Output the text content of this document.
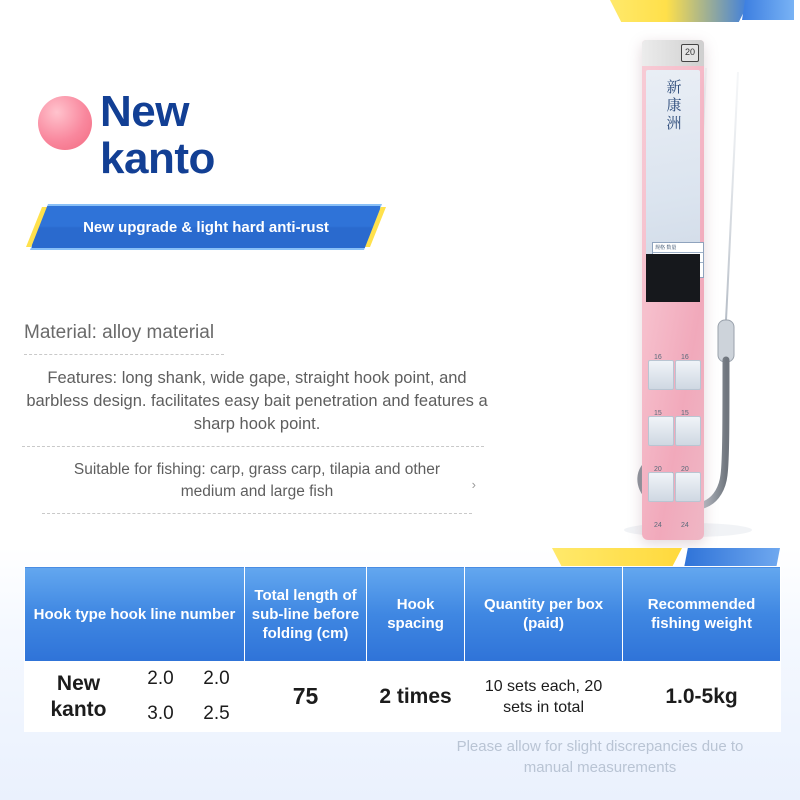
New
kanto
New upgrade & light hard anti-rust
Material: alloy material
Features: long shank, wide gape, straight hook point, and barbless design. facilitates easy bait penetration and features a sharp hook point.
Suitable for fishing: carp, grass carp, tilapia and other medium and large fish	›
20
新康洲
规格 数量
16	16
15	15
20	20
24	24
Hook type hook line number			Total length of sub-line before folding (cm)	Hook spacing	Quantity per box (paid)	Recommended fishing weight
New kanto	2.0	2.0	75	2 times	10 sets each, 20 sets in total	1.0-5kg
	3.0	2.5				
Please allow for slight discrepancies due to manual measurements
